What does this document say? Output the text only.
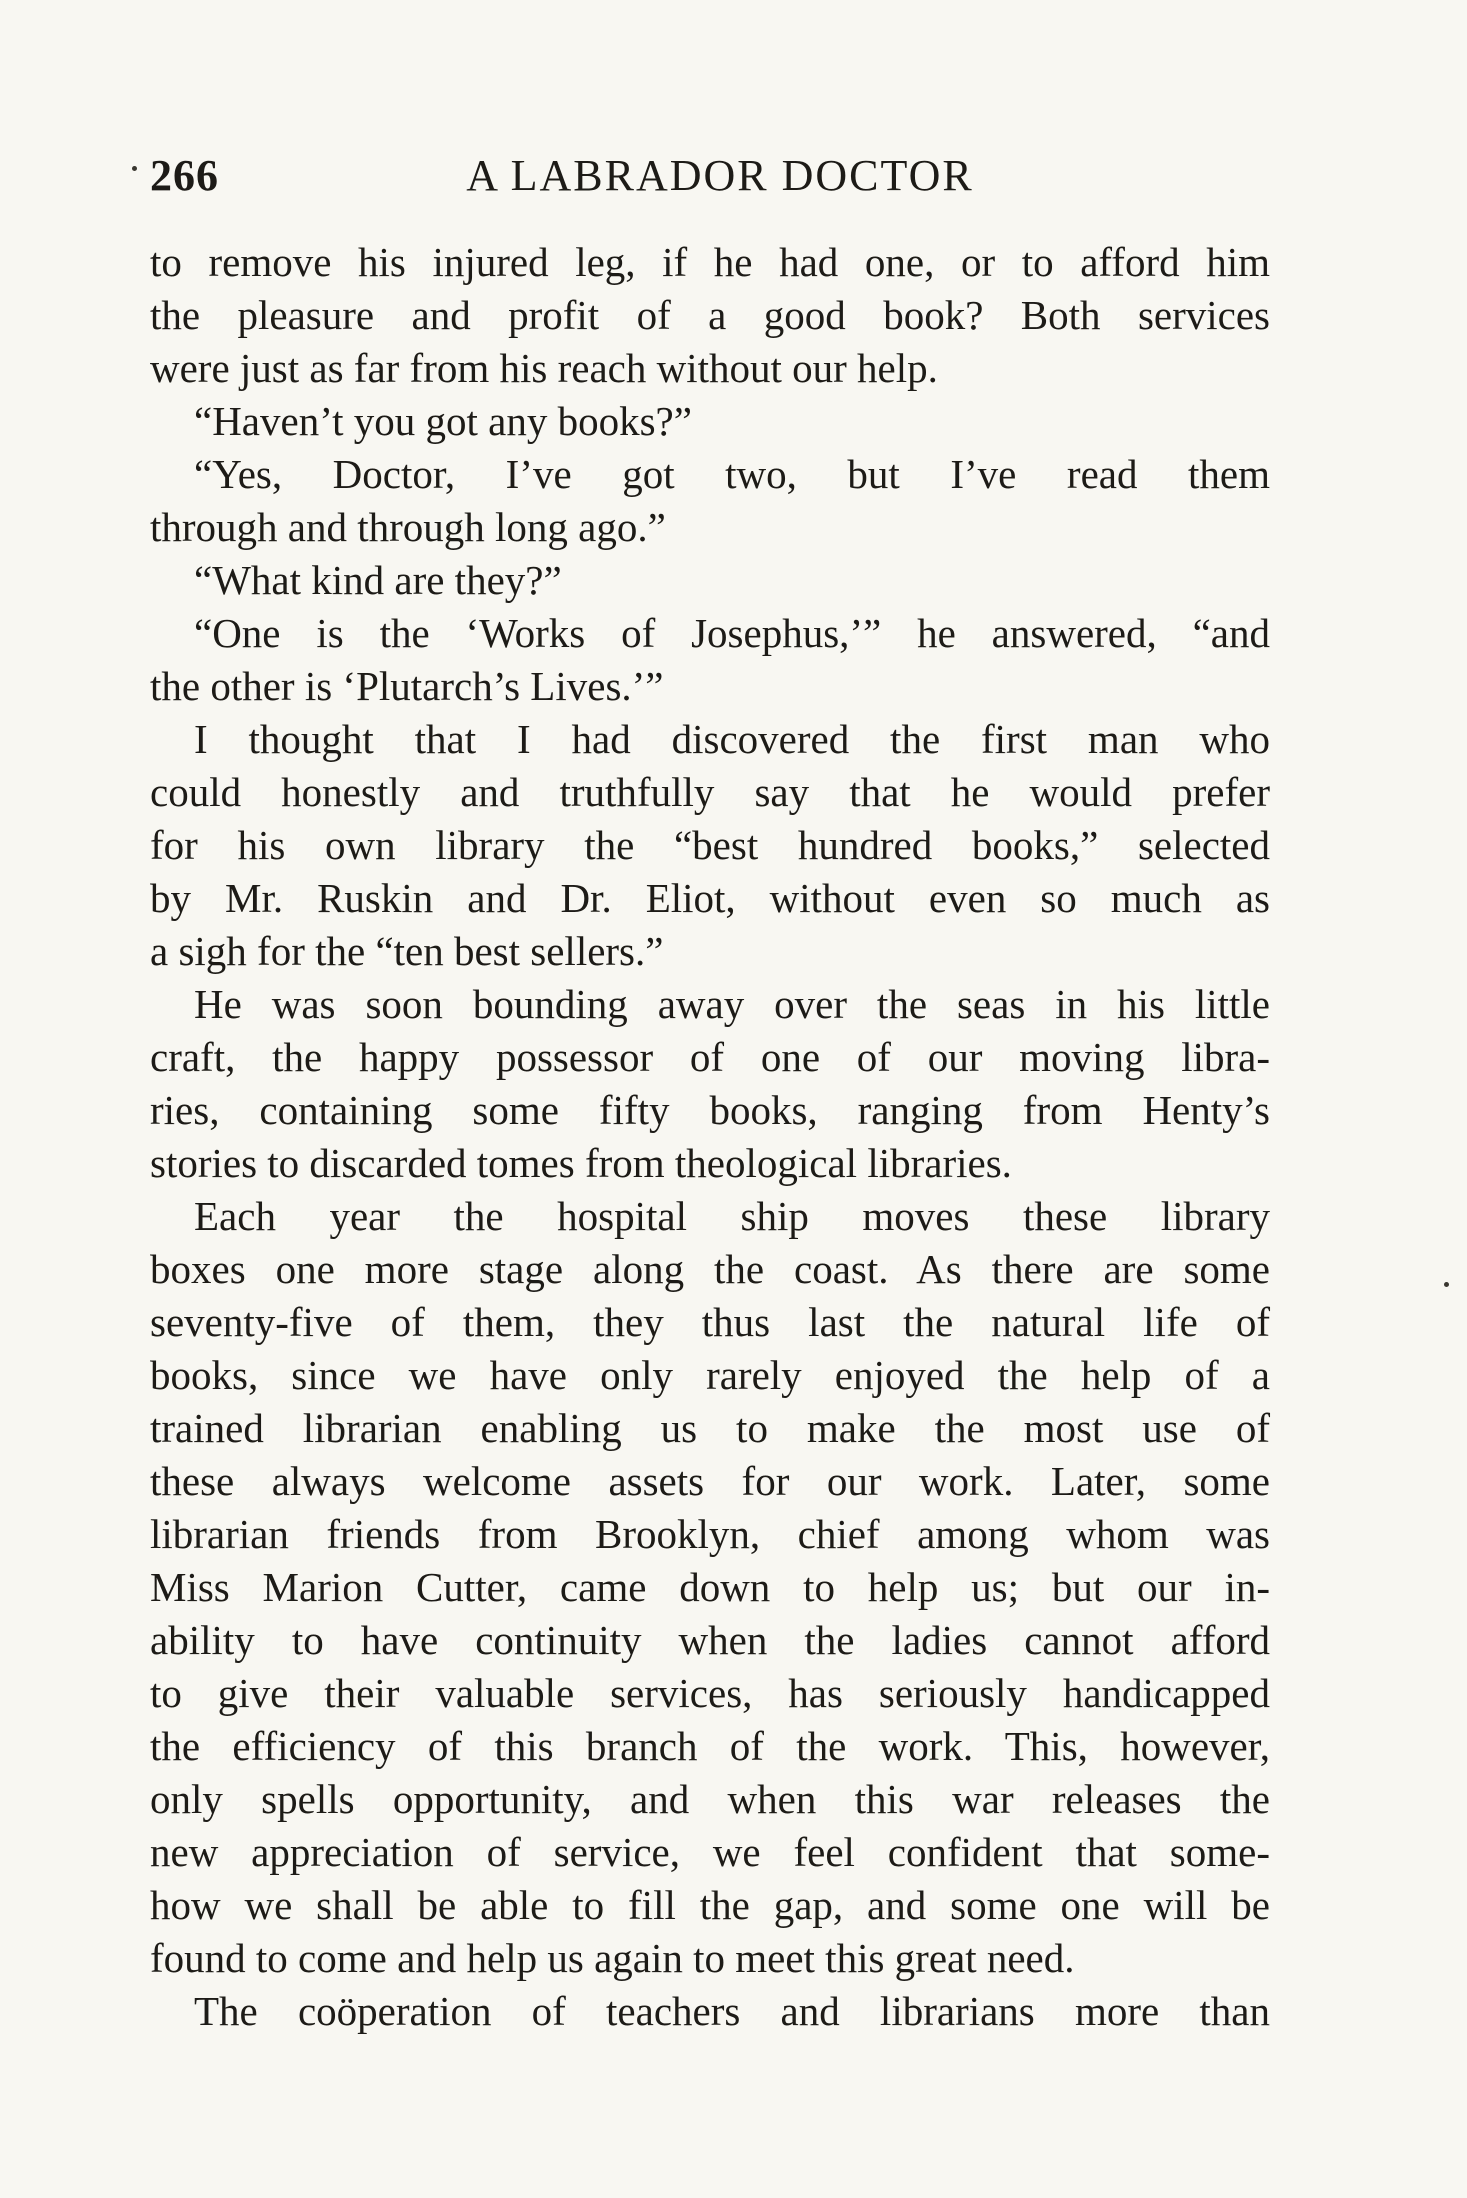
266	A LABRADOR DOCTOR
to remove his injured leg, if he had one, or to afford him
the pleasure and profit of a good book? Both services
were just as far from his reach without our help.
“Haven’t you got any books?”
“Yes, Doctor, I’ve got two, but I’ve read them
through and through long ago.”
“What kind are they?”
“One is the ‘Works of Josephus,’” he answered, “and
the other is ‘Plutarch’s Lives.’”
I thought that I had discovered the first man who
could honestly and truthfully say that he would prefer
for his own library the “best hundred books,” selected
by Mr. Ruskin and Dr. Eliot, without even so much as
a sigh for the “ten best sellers.”
He was soon bounding away over the seas in his little
craft, the happy possessor of one of our moving libra-
ries, containing some fifty books, ranging from Henty’s
stories to discarded tomes from theological libraries.
Each year the hospital ship moves these library
boxes one more stage along the coast. As there are some
seventy-five of them, they thus last the natural life of
books, since we have only rarely enjoyed the help of a
trained librarian enabling us to make the most use of
these always welcome assets for our work. Later, some
librarian friends from Brooklyn, chief among whom was
Miss Marion Cutter, came down to help us; but our in-
ability to have continuity when the ladies cannot afford
to give their valuable services, has seriously handicapped
the efficiency of this branch of the work. This, however,
only spells opportunity, and when this war releases the
new appreciation of service, we feel confident that some-
how we shall be able to fill the gap, and some one will be
found to come and help us again to meet this great need.
The coöperation of teachers and librarians more than
